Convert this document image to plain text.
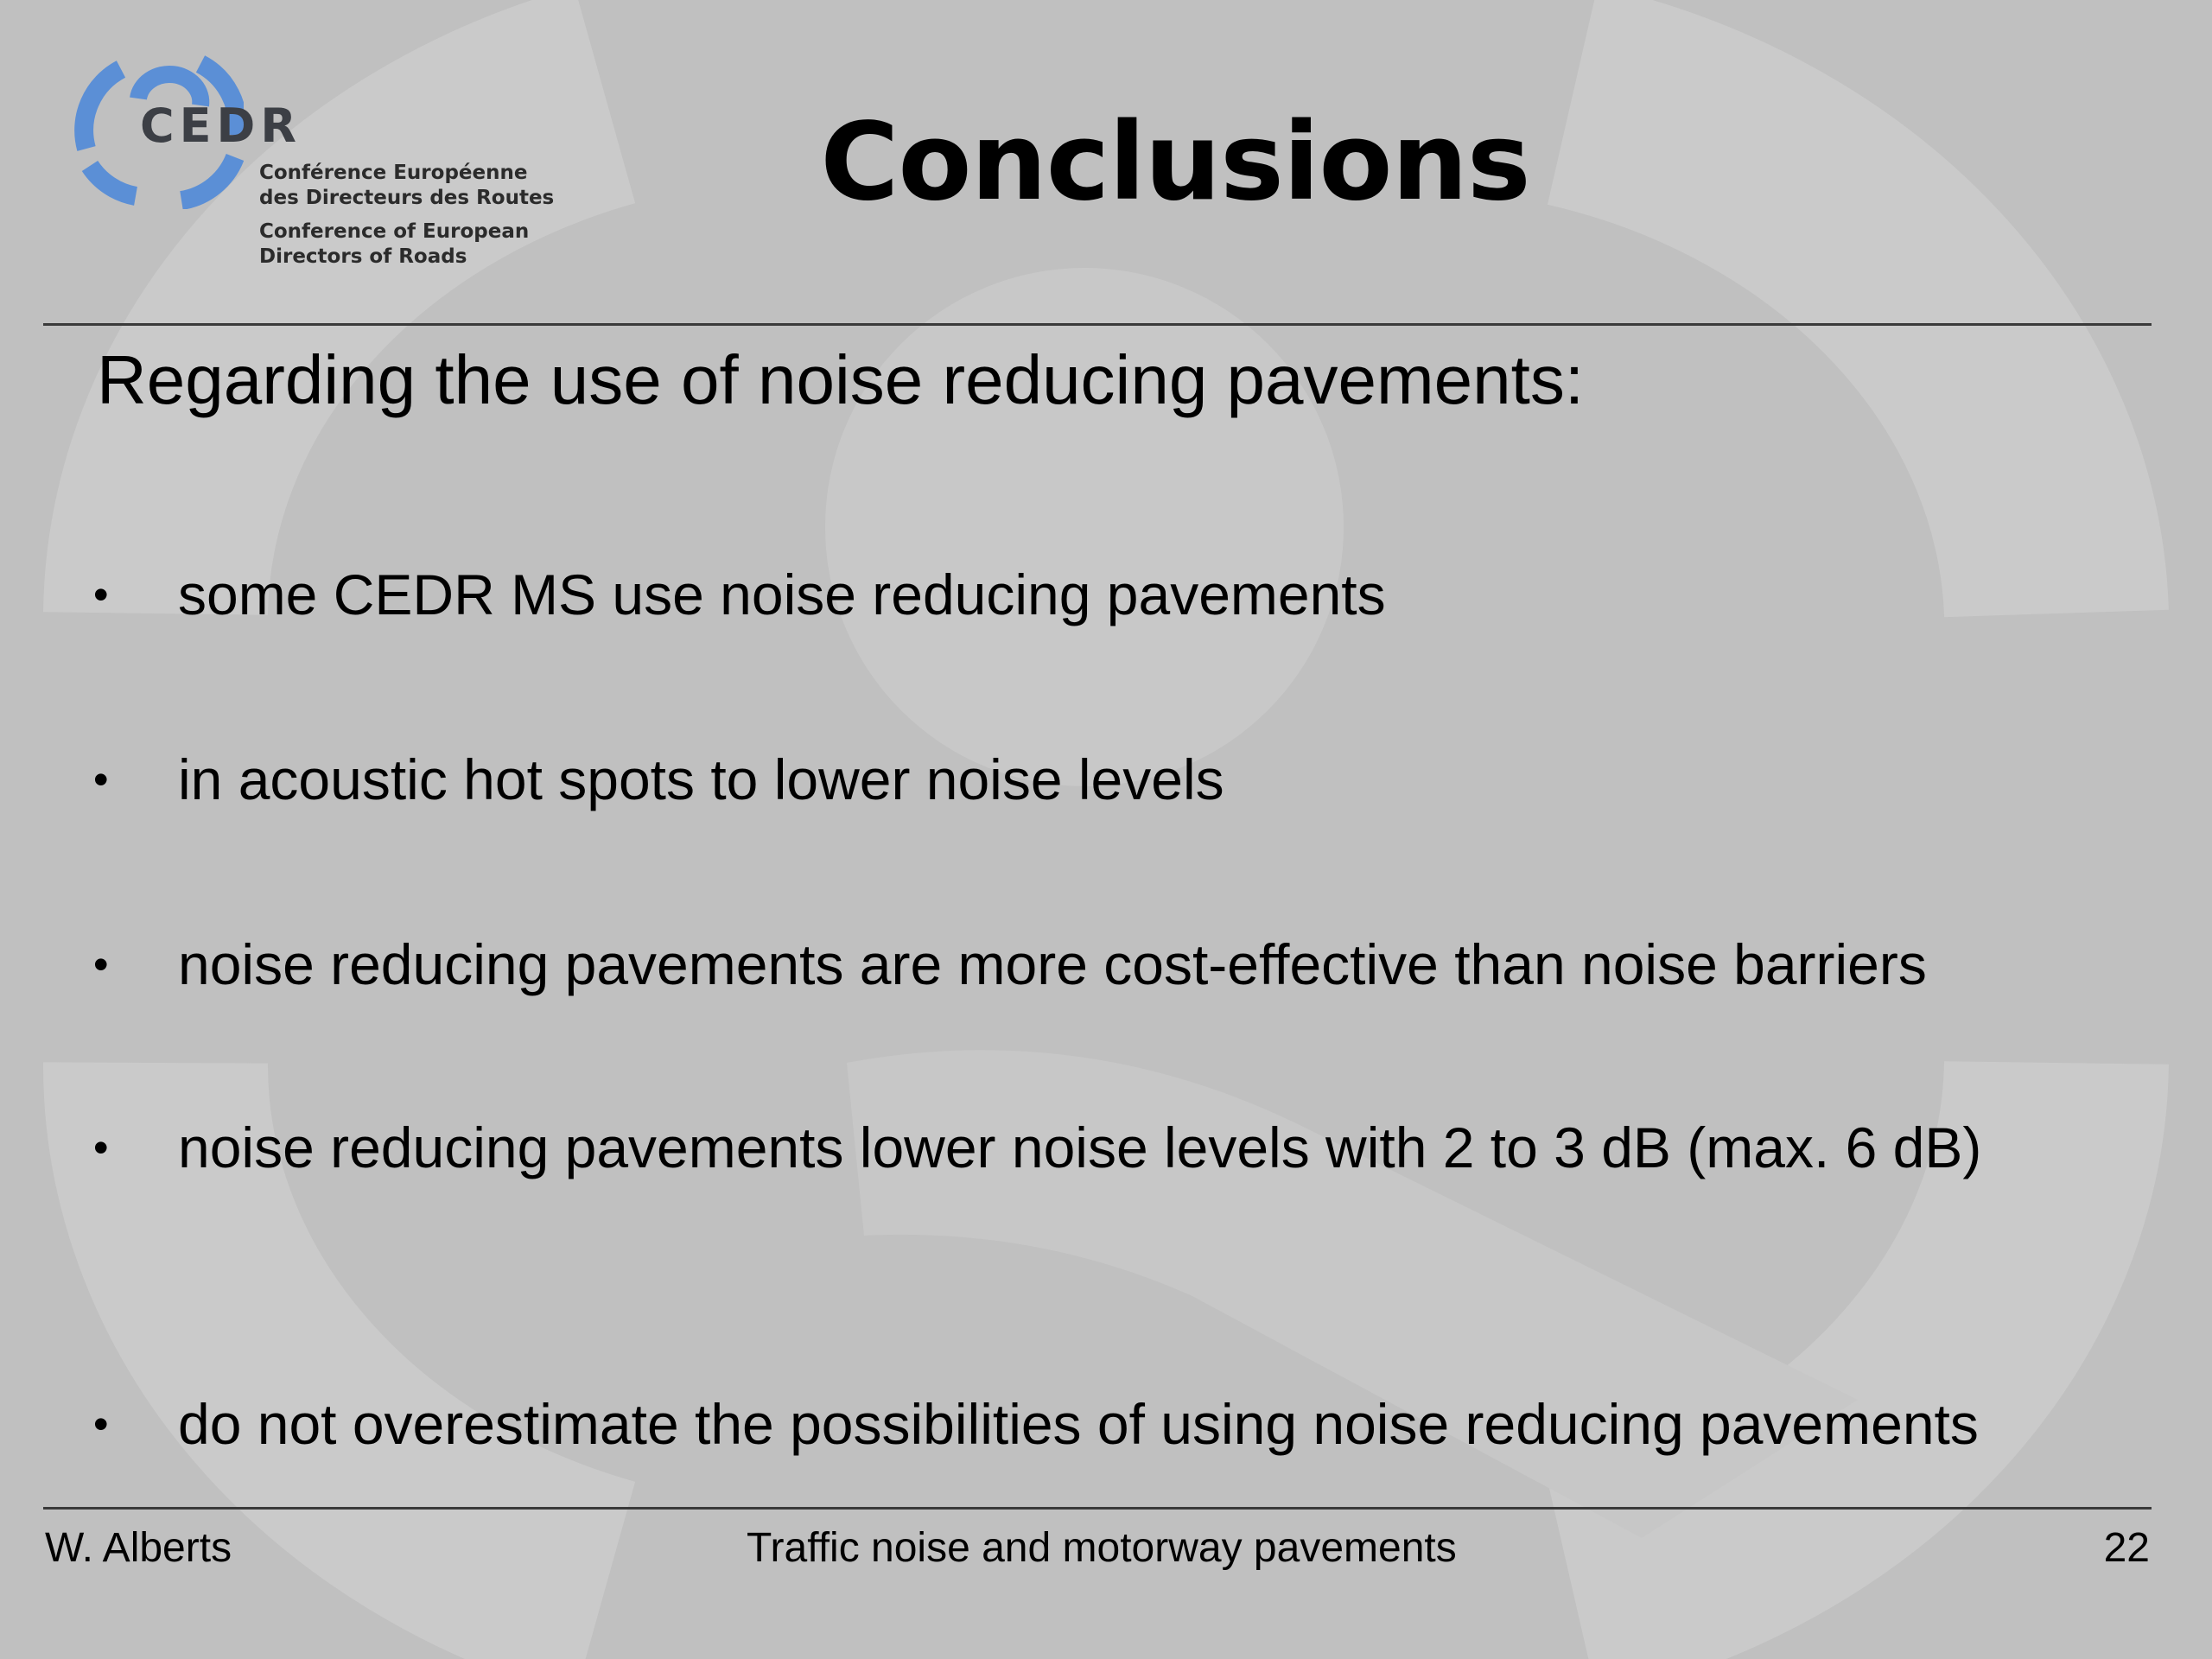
CEDR
Conférence Européenne
des Directeurs des Routes
Conference of European
Directors of Roads
Conclusions
Regarding the use of noise reducing pavements:
• some CEDR MS use noise reducing pavements
• in acoustic hot spots to lower noise levels
• noise reducing pavements are more cost-effective than noise barriers
• noise reducing pavements lower noise levels with 2 to 3 dB (max. 6 dB)
• do not overestimate the possibilities of using noise reducing pavements
W. Alberts	Traffic noise and motorway pavements	22
